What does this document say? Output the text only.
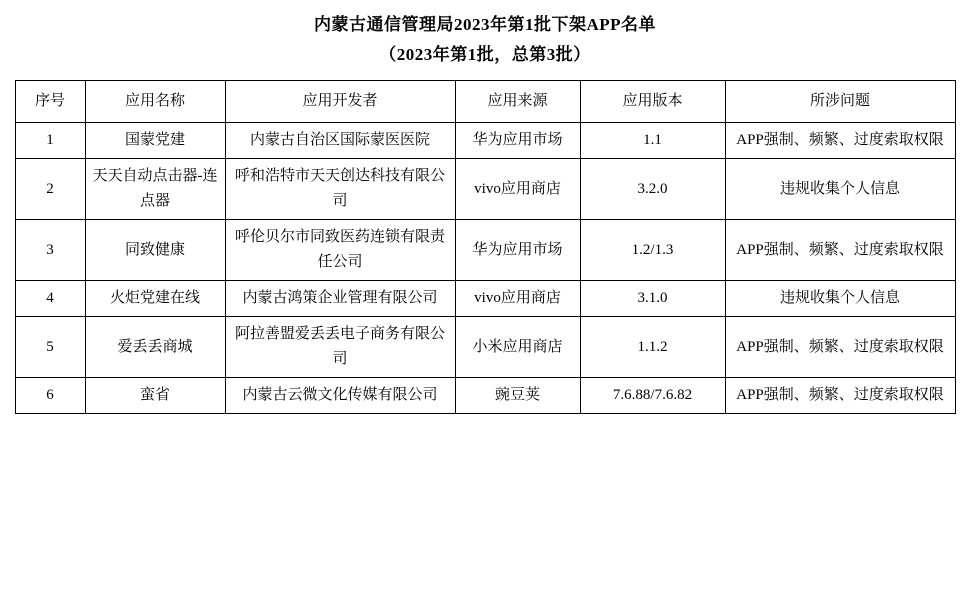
内蒙古通信管理局2023年第1批下架APP名单
（2023年第1批，总第3批）
序号	应用名称	应用开发者	应用来源	应用版本	所涉问题
1	国蒙党建	内蒙古自治区国际蒙医医院	华为应用市场	1.1	APP强制、频繁、过度索取权限
2	天天自动点击器-连点器	呼和浩特市天天创达科技有限公司	vivo应用商店	3.2.0	违规收集个人信息
3	同致健康	呼伦贝尔市同致医药连锁有限责任公司	华为应用市场	1.2/1.3	APP强制、频繁、过度索取权限
4	火炬党建在线	内蒙古鸿策企业管理有限公司	vivo应用商店	3.1.0	违规收集个人信息
5	爱丢丢商城	阿拉善盟爱丢丢电子商务有限公司	小米应用商店	1.1.2	APP强制、频繁、过度索取权限
6	蛮省	内蒙古云微文化传媒有限公司	豌豆荚	7.6.88/7.6.82	APP强制、频繁、过度索取权限
